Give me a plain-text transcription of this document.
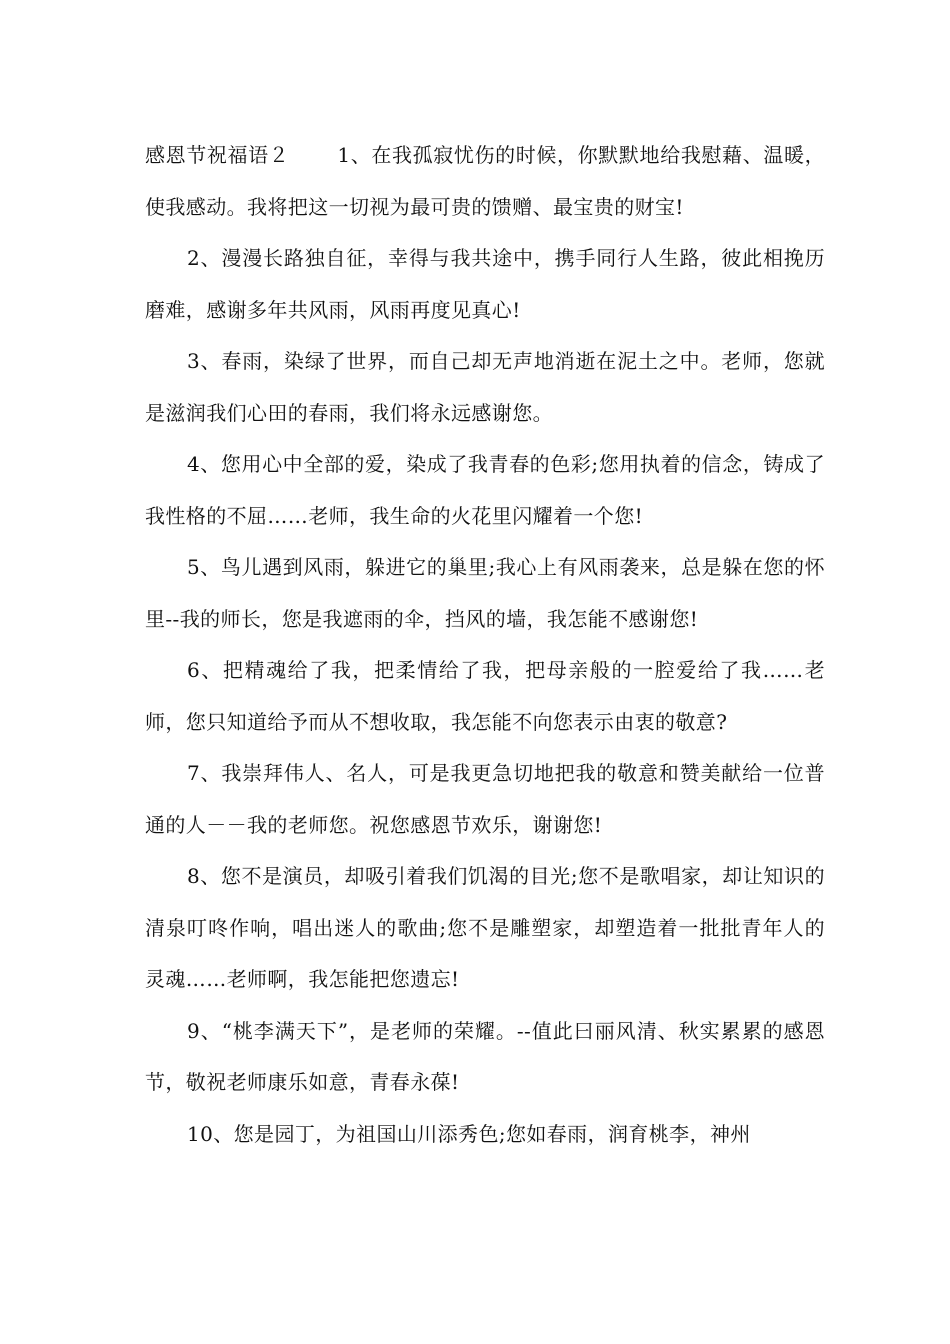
感恩节祝福语２ 1、在我孤寂忧伤的时候，你默默地给我慰藉、温暖，使我感动。我将把这一切视为最可贵的馈赠、最宝贵的财宝!

2、漫漫长路独自征，幸得与我共途中，携手同行人生路，彼此相挽历磨难，感谢多年共风雨，风雨再度见真心!

3、春雨，染绿了世界，而自己却无声地消逝在泥土之中。老师，您就是滋润我们心田的春雨，我们将永远感谢您。

4、您用心中全部的爱，染成了我青春的色彩;您用执着的信念，铸成了我性格的不屈……老师，我生命的火花里闪耀着一个您!

5、鸟儿遇到风雨，躲进它的巢里;我心上有风雨袭来，总是躲在您的怀里--我的师长，您是我遮雨的伞，挡风的墙，我怎能不感谢您!

6、把精魂给了我，把柔情给了我，把母亲般的一腔爱给了我……老师，您只知道给予而从不想收取，我怎能不向您表示由衷的敬意?

7、我崇拜伟人、名人，可是我更急切地把我的敬意和赞美献给一位普通的人－－我的老师您。祝您感恩节欢乐，谢谢您!

8、您不是演员，却吸引着我们饥渴的目光;您不是歌唱家，却让知识的清泉叮咚作响，唱出迷人的歌曲;您不是雕塑家，却塑造着一批批青年人的灵魂……老师啊，我怎能把您遗忘!

9、“桃李满天下”，是老师的荣耀。--值此曰丽风清、秋实累累的感恩节，敬祝老师康乐如意，青春永葆!

10、您是园丁，为祖国山川添秀色;您如春雨，润育桃李，神州
